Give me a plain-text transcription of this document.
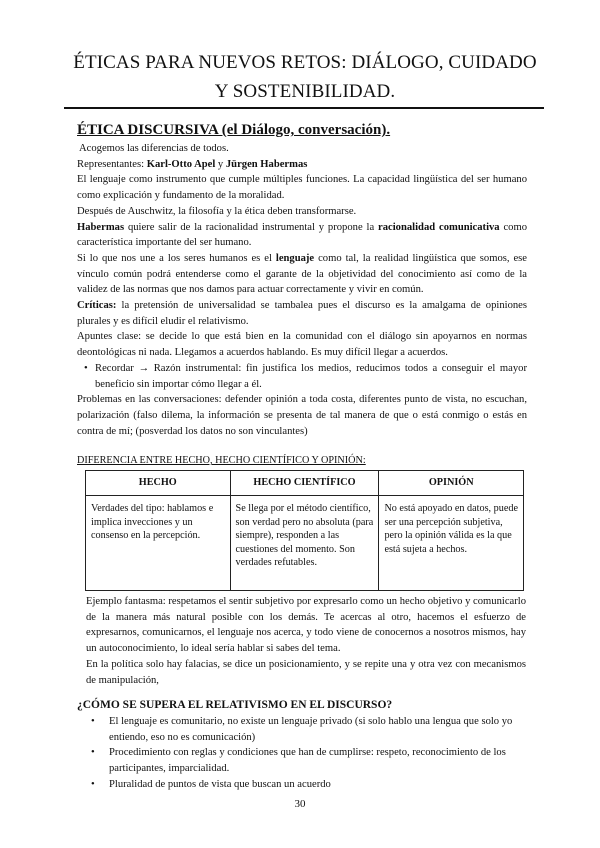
ÉTICAS PARA NUEVOS RETOS: DIÁLOGO, CUIDADO Y SOSTENIBILIDAD.
ÉTICA DISCURSIVA (el Diálogo, conversación).

Acogemos las diferencias de todos.

Representantes: Karl-Otto Apel y Jürgen Habermas

El lenguaje como instrumento que cumple múltiples funciones. La capacidad lingüística del ser humano como explicación y fundamento de la moralidad.

Después de Auschwitz, la filosofía y la ética deben transformarse.

Habermas quiere salir de la racionalidad instrumental y propone la racionalidad comunicativa como característica importante del ser humano.

Si lo que nos une a los seres humanos es el lenguaje como tal, la realidad lingüística que somos, ese vínculo común podrá entenderse como el garante de la objetividad del conocimiento así como de la validez de las normas que nos damos para actuar correctamente y vivir en común.

Críticas: la pretensión de universalidad se tambalea pues el discurso es la amalgama de opiniones plurales y es difícil eludir el relativismo.

Apuntes clase: se decide lo que está bien en la comunidad con el diálogo sin apoyarnos en normas deontológicas ni nada. Llegamos a acuerdos hablando. Es muy difícil llegar a acuerdos.

• Recordar → Razón instrumental: fin justifica los medios, reducimos todos a conseguir el mayor beneficio sin importar cómo llegar a él.

Problemas en las conversaciones: defender opinión a toda costa, diferentes punto de vista, no escuchan, polarización (falso dilema, la información se presenta de tal manera de que o está conmigo o estás en contra de mí; (posverdad los datos no son vinculantes)

DIFERENCIA ENTRE HECHO, HECHO CIENTÍFICO Y OPINIÓN:
HECHO	HECHO CIENTÍFICO	OPINIÓN
Verdades del tipo: hablamos e implica invecciones y un consenso en la percepción.	Se llega por el método científico, son verdad pero no absoluta (para siempre), responden a las cuestiones del momento. Son verdades refutables.	No está apoyado en datos, puede ser una percepción subjetiva, pero la opinión válida es la que está sujeta a hechos.

Ejemplo fantasma: respetamos el sentir subjetivo por expresarlo como un hecho objetivo y comunicarlo de la manera más natural posible con los demás. Te acercas al otro, hacemos el esfuerzo de expresarnos, comunicarnos, el lenguaje nos acerca, y todo viene de conocernos a nosotros mismos, hay un autoconocimiento, lo ideal sería hablar si sabes del tema.

En la política solo hay falacias, se dice un posicionamiento, y se repite una y otra vez con mecanismos de manipulación,

¿CÓMO SE SUPERA EL RELATIVISMO EN EL DISCURSO?
• El lenguaje es comunitario, no existe un lenguaje privado (si solo hablo una lengua que solo yo entiendo, eso no es comunicación)
• Procedimiento con reglas y condiciones que han de cumplirse: respeto, reconocimiento de los participantes, imparcialidad.
• Pluralidad de puntos de vista que buscan un acuerdo
30
